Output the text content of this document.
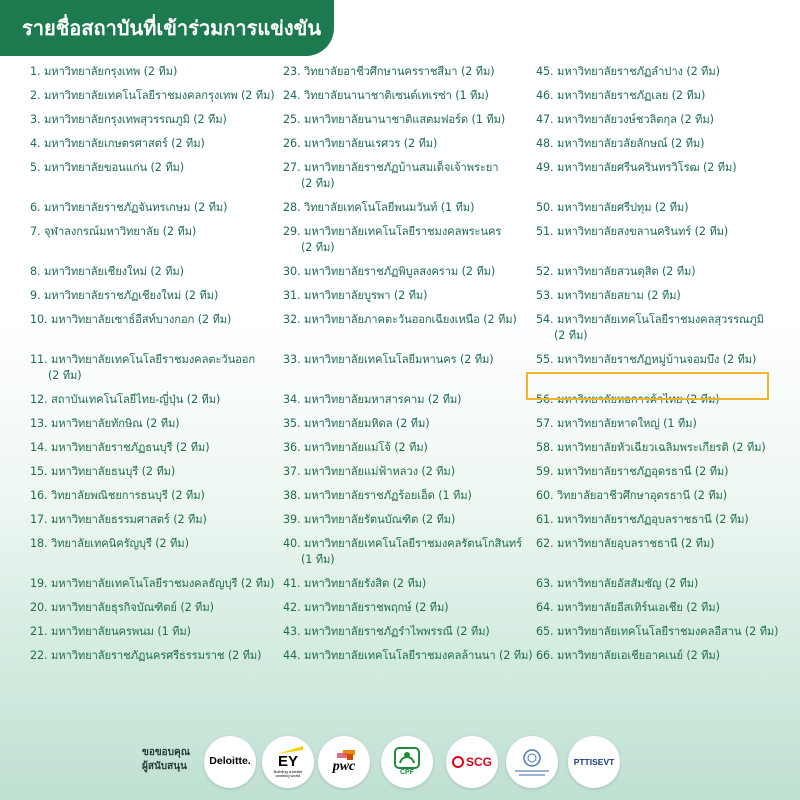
รายชื่อสถาบันที่เข้าร่วมการแข่งขัน
1. มหาวิทยาลัยกรุงเทพ (2 ทีม)
2. มหาวิทยาลัยเทคโนโลยีราชมงคลกรุงเทพ (2 ทีม)
3. มหาวิทยาลัยกรุงเทพสุวรรณภูมิ (2 ทีม)
4. มหาวิทยาลัยเกษตรศาสตร์ (2 ทีม)
5. มหาวิทยาลัยขอนแก่น (2 ทีม)
6. มหาวิทยาลัยราชภัฏจันทรเกษม (2 ทีม)
7. จุฬาลงกรณ์มหาวิทยาลัย (2 ทีม)
8. มหาวิทยาลัยเชียงใหม่ (2 ทีม)
9. มหาวิทยาลัยราชภัฏเชียงใหม่ (2 ทีม)
10. มหาวิทยาลัยเซาธ์อีสท์บางกอก (2 ทีม)
11. มหาวิทยาลัยเทคโนโลยีราชมงคลตะวันออก
(2 ทีม)
12. สถาบันเทคโนโลยีไทย-ญี่ปุ่น (2 ทีม)
13. มหาวิทยาลัยทักษิณ (2 ทีม)
14. มหาวิทยาลัยราชภัฏธนบุรี (2 ทีม)
15. มหาวิทยาลัยธนบุรี (2 ทีม)
16. วิทยาลัยพณิชยการธนบุรี (2 ทีม)
17. มหาวิทยาลัยธรรมศาสตร์ (2 ทีม)
18. วิทยาลัยเทคนิครัญบุรี (2 ทีม)
19. มหาวิทยาลัยเทคโนโลยีราชมงคลธัญบุรี (2 ทีม)
20. มหาวิทยาลัยธุรกิจบัณฑิตย์ (2 ทีม)
21. มหาวิทยาลัยนครพนม (1 ทีม)
22. มหาวิทยาลัยราชภัฏนครศรีธรรมราช (2 ทีม)
23. วิทยาลัยอาชีวศึกษานครราชสีมา (2 ทีม)
24. วิทยาลัยนานาชาติเซนต์เทเรซ่า (1 ทีม)
25. มหาวิทยาลัยนานาชาติแสตมฟอร์ด (1 ทีม)
26. มหาวิทยาลัยนเรศวร (2 ทีม)
27. มหาวิทยาลัยราชภัฏบ้านสมเด็จเจ้าพระยา
(2 ทีม)
28. วิทยาลัยเทคโนโลยีพนมวันท์ (1 ทีม)
29. มหาวิทยาลัยเทคโนโลยีราชมงคลพระนคร
(2 ทีม)
30. มหาวิทยาลัยราชภัฏพิบูลสงคราม (2 ทีม)
31. มหาวิทยาลัยบูรพา (2 ทีม)
32. มหาวิทยาลัยภาคตะวันออกเฉียงเหนือ (2 ทีม)
33. มหาวิทยาลัยเทคโนโลยีมหานคร (2 ทีม)
34. มหาวิทยาลัยมหาสารคาม (2 ทีม)
35. มหาวิทยาลัยมหิดล (2 ทีม)
36. มหาวิทยาลัยแม่โจ้ (2 ทีม)
37. มหาวิทยาลัยแม่ฟ้าหลวง (2 ทีม)
38. มหาวิทยาลัยราชภัฏร้อยเอ็ด (1 ทีม)
39. มหาวิทยาลัยรัตนบัณฑิต (2 ทีม)
40. มหาวิทยาลัยเทคโนโลยีราชมงคลรัตนโกสินทร์
(1 ทีม)
41. มหาวิทยาลัยรังสิต (2 ทีม)
42. มหาวิทยาลัยราชพฤกษ์ (2 ทีม)
43. มหาวิทยาลัยราชภัฏรำไพพรรณี (2 ทีม)
44. มหาวิทยาลัยเทคโนโลยีราชมงคลล้านนา (2 ทีม)
45. มหาวิทยาลัยราชภัฏลำปาง (2 ทีม)
46. มหาวิทยาลัยราชภัฏเลย (2 ทีม)
47. มหาวิทยาลัยวงษ์ชวลิตกุล (2 ทีม)
48. มหาวิทยาลัยวลัยลักษณ์ (2 ทีม)
49. มหาวิทยาลัยศรีนครินทรวิโรฒ (2 ทีม)
50. มหาวิทยาลัยศรีปทุม (2 ทีม)
51. มหาวิทยาลัยสงขลานครินทร์ (2 ทีม)
52. มหาวิทยาลัยสวนดุสิต (2 ทีม)
53. มหาวิทยาลัยสยาม (2 ทีม)
54. มหาวิทยาลัยเทคโนโลยีราชมงคลสุวรรณภูมิ
(2 ทีม)
55. มหาวิทยาลัยราชภัฏหมู่บ้านจอมบึง (2 ทีม)
56. มหาวิทยาลัยหอการค้าไทย (2 ทีม)
57. มหาวิทยาลัยหาดใหญ่ (1 ทีม)
58. มหาวิทยาลัยหัวเฉียวเฉลิมพระเกียรติ (2 ทีม)
59. มหาวิทยาลัยราชภัฏอุดรธานี (2 ทีม)
60. วิทยาลัยอาชีวศึกษาอุดรธานี (2 ทีม)
61. มหาวิทยาลัยราชภัฏอุบลราชธานี (2 ทีม)
62. มหาวิทยาลัยอุบลราชธานี (2 ทีม)
63. มหาวิทยาลัยอัสสัมชัญ (2 ทีม)
64. มหาวิทยาลัยอีสเทิร์นเอเชีย (2 ทีม)
65. มหาวิทยาลัยเทคโนโลยีราชมงคลอีสาน (2 ทีม)
66. มหาวิทยาลัยเอเชียอาคเนย์ (2 ทีม)
ขอขอบคุณ
ผู้สนับสนุน	Deloitte. EY
Building a better working world
pwc	CPF
SCG	PTTISEVT
